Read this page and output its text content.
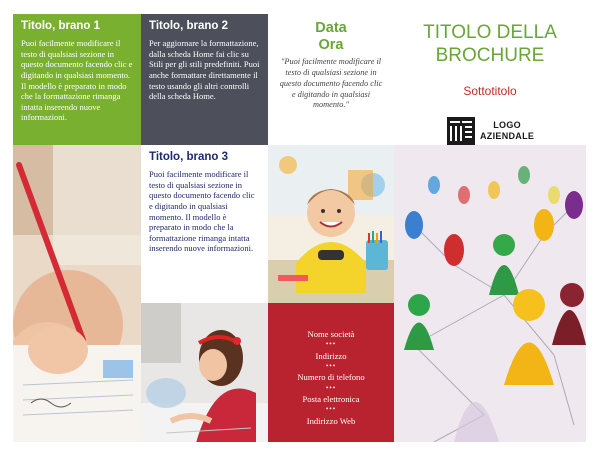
Titolo, brano 1
Puoi facilmente modificare il testo di qualsiasi sezione in questo documento facendo clic e digitando in qualsiasi momento. Il modello è preparato in modo che la formattazione rimanga intatta inserendo nuove informazioni.
Titolo, brano 2
Per aggiornare la formattazione, dalla scheda Home fai clic su Stili per gli stili predefiniti. Puoi anche formattare direttamente il testo usando gli altri controlli della scheda Home.
Data
Ora
"Puoi facilmente modificare il testo di qualsiasi sezione in questo documento facendo clic e digitando in qualsiasi momento."
TITOLO DELLA
BROCHURE
Sottotitolo
LOGO
AZIENDALE
Titolo, brano 3
Puoi facilmente modificare il testo di qualsiasi sezione in questo documento facendo clic e digitando in qualsiasi momento. Il modello è preparato in modo che la formattazione rimanga intatta inserendo nuove informazioni.
Nome società
•••
Indirizzo
•••
Numero di telefono
•••
Posta elettronica
•••
Indirizzo Web
